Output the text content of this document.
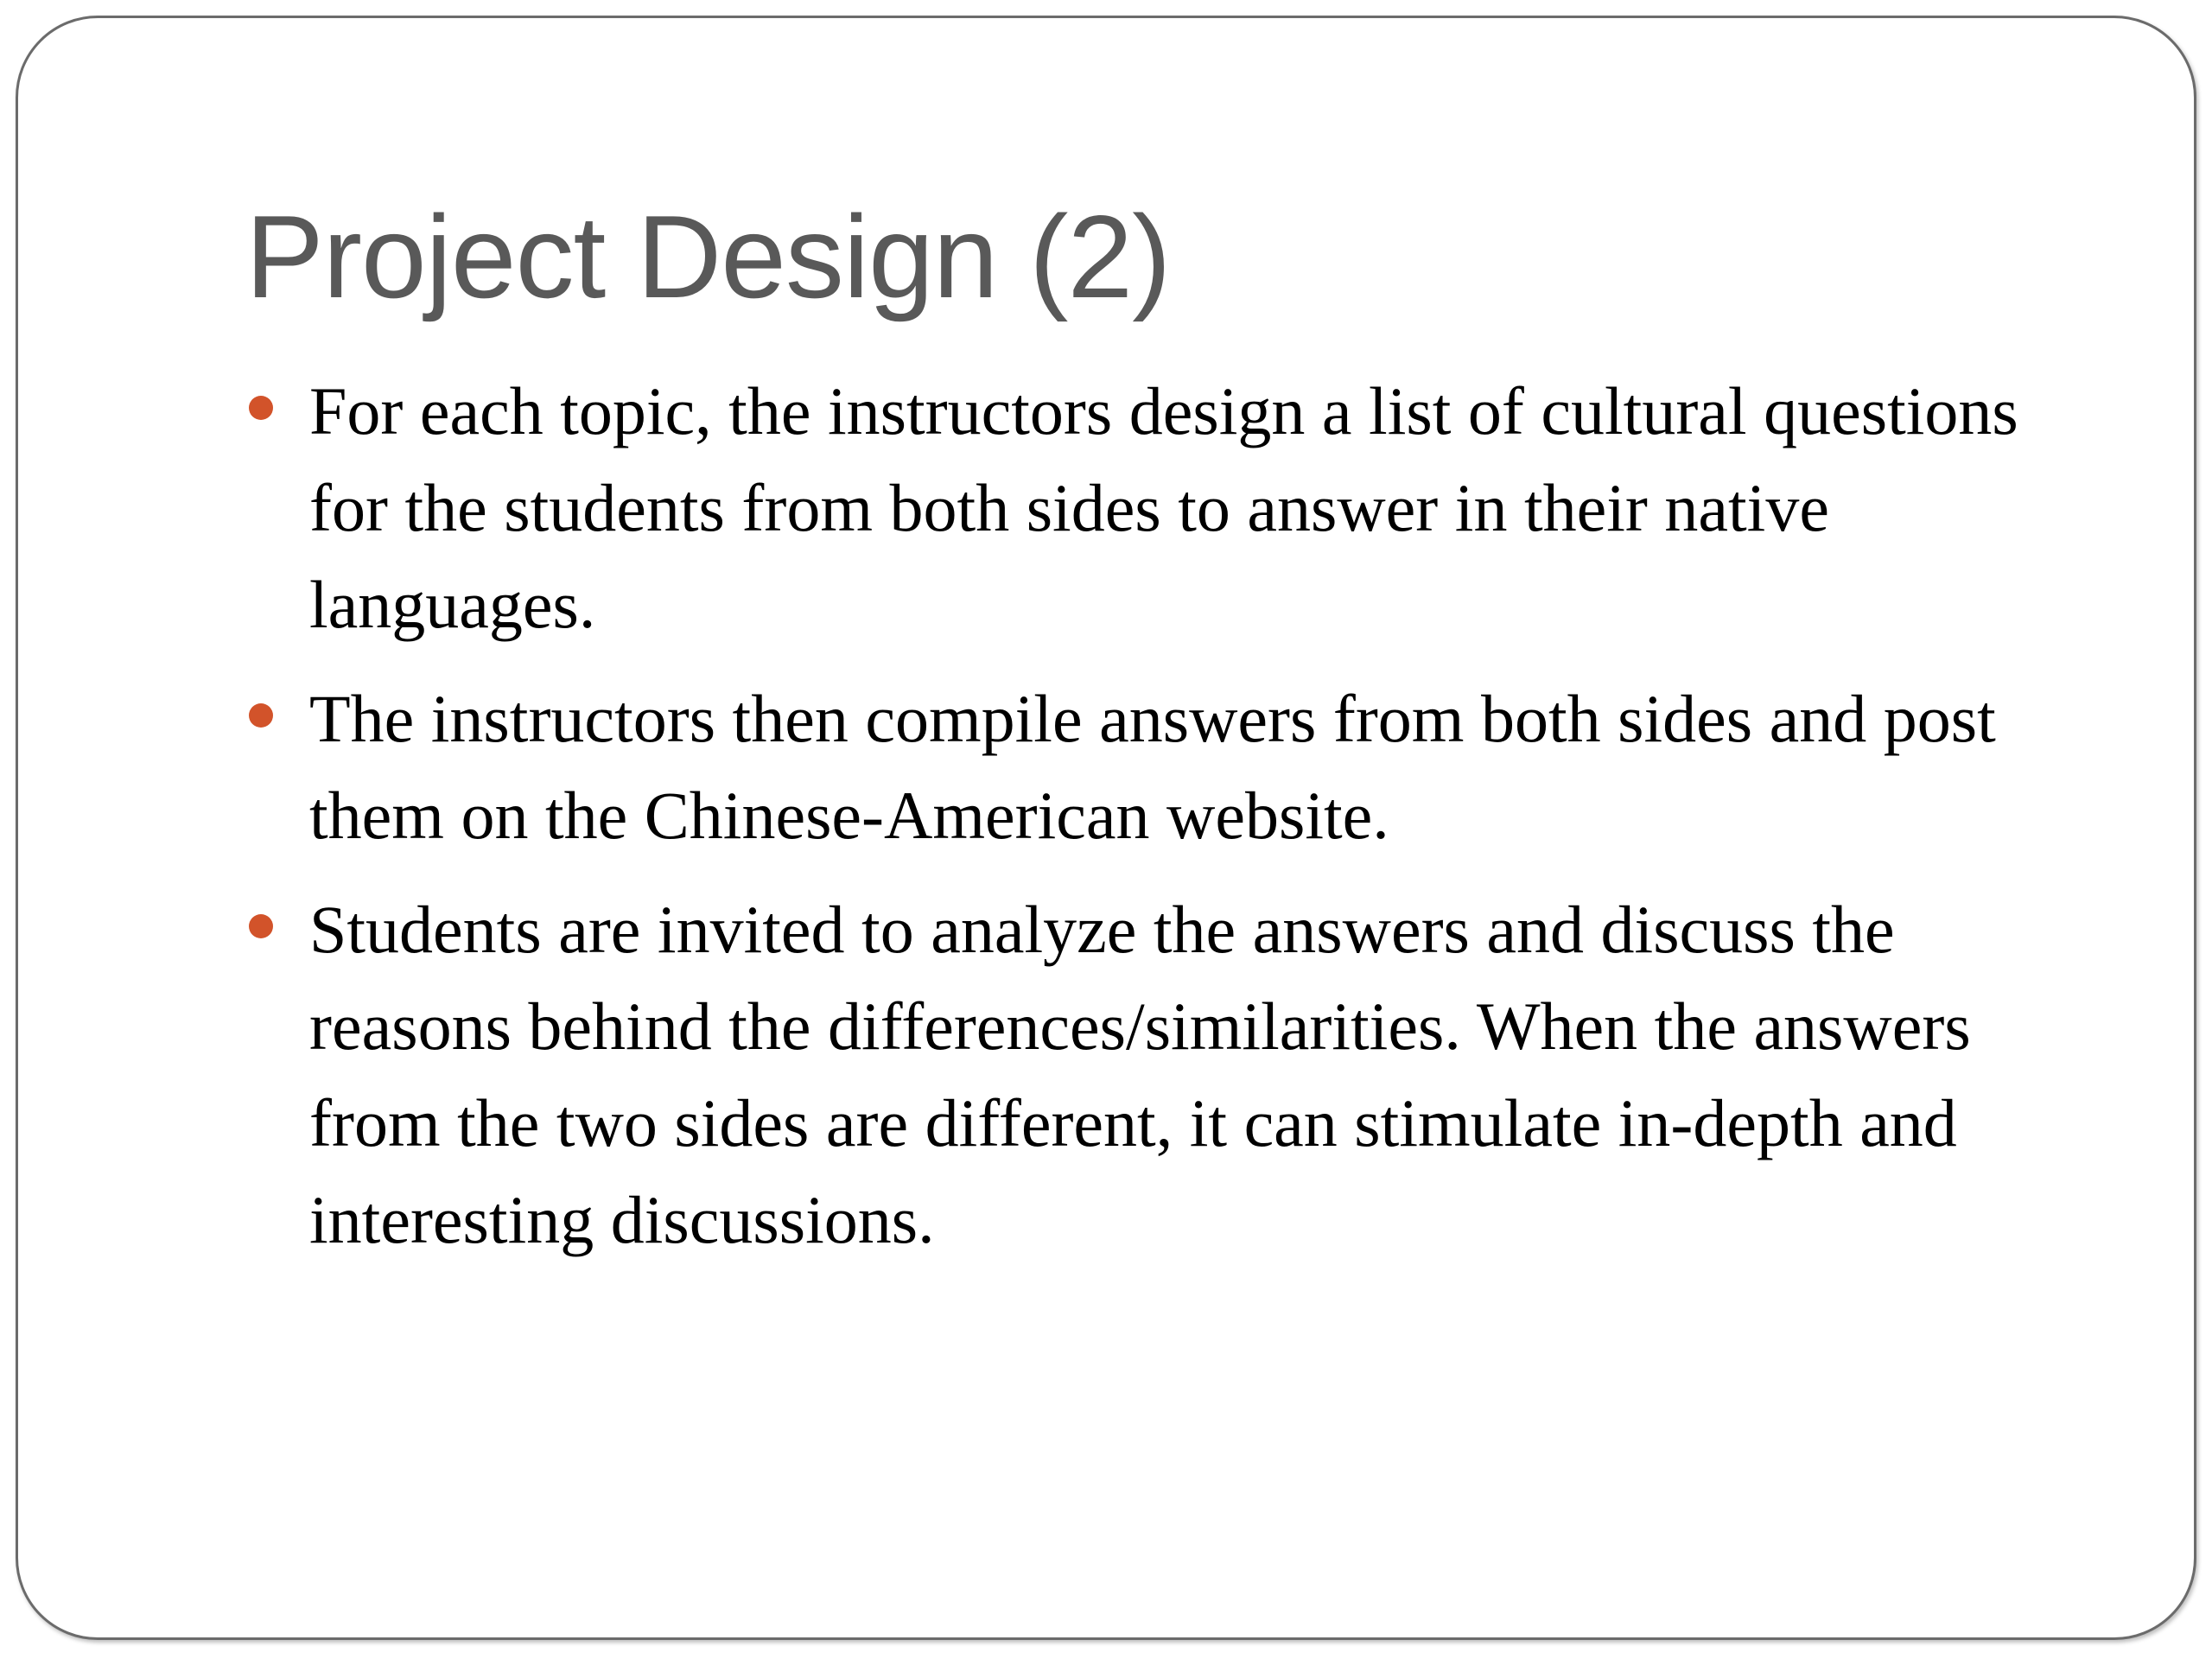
Project Design (2)
For each topic, the instructors design a list of cultural questions for the students from both sides to answer in their native languages.
The instructors then compile answers from both sides and post them on the Chinese-American website.
Students are invited to analyze the answers and discuss the reasons behind the differences/similarities. When the answers from the two sides are different, it can stimulate in-depth and interesting discussions.
